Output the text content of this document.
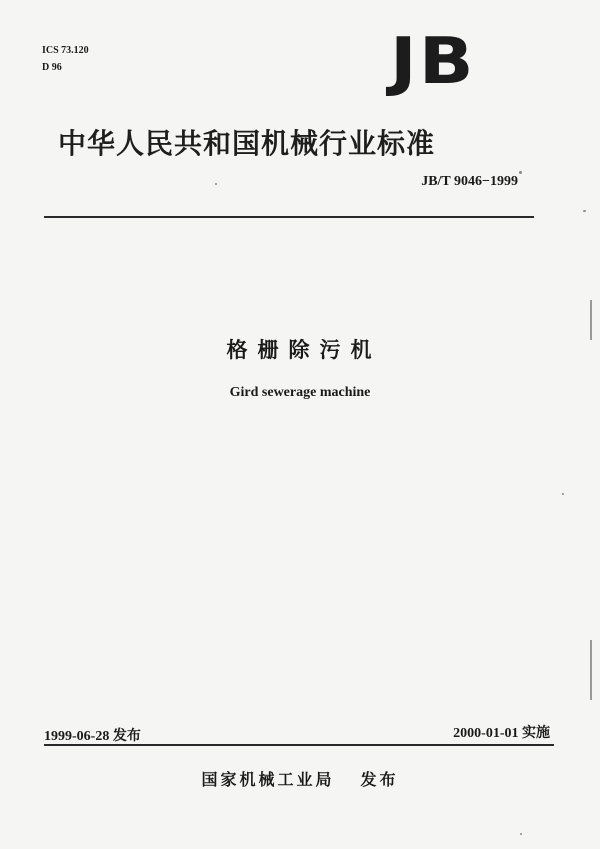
ICS 73.120
D 96	JB
中华人民共和国机械行业标准
JB/T 9046−1999
格栅除污机
Gird sewerage machine
1999-06-28 发布	2000-01-01 实施
国家机械工业局 发布
